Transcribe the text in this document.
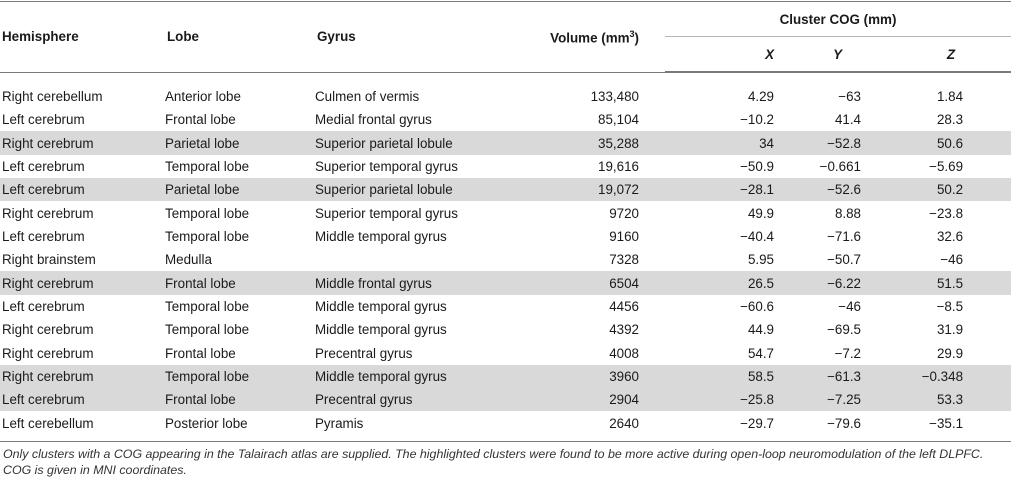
Hemisphere	Lobe	Gyrus	Volume $(mm^3)$	Cluster COG (mm)		
				X	Y	Z

Right cerebellum	Anterior lobe	Culmen of vermis	133,480	4.29	−63	1.84
Left cerebrum	Frontal lobe	Medial frontal gyrus	85,104	−10.2	41.4	28.3
Right cerebrum	Parietal lobe	Superior parietal lobule	35,288	34	−52.8	50.6
Left cerebrum	Temporal lobe	Superior temporal gyrus	19,616	−50.9	−0.661	−5.69
Left cerebrum	Parietal lobe	Superior parietal lobule	19,072	−28.1	−52.6	50.2
Right cerebrum	Temporal lobe	Superior temporal gyrus	9720	49.9	8.88	−23.8
Left cerebrum	Temporal lobe	Middle temporal gyrus	9160	−40.4	−71.6	32.6
Right brainstem	Medulla		7328	5.95	−50.7	−46
Right cerebrum	Frontal lobe	Middle frontal gyrus	6504	26.5	−6.22	51.5
Left cerebrum	Temporal lobe	Middle temporal gyrus	4456	−60.6	−46	−8.5
Right cerebrum	Temporal lobe	Middle temporal gyrus	4392	44.9	−69.5	31.9
Right cerebrum	Frontal lobe	Precentral gyrus	4008	54.7	−7.2	29.9
Right cerebrum	Temporal lobe	Middle temporal gyrus	3960	58.5	−61.3	−0.348
Left cerebrum	Frontal lobe	Precentral gyrus	2904	−25.8	−7.25	53.3
Left cerebellum	Posterior lobe	Pyramis	2640	−29.7	−79.6	−35.1
Only clusters with a COG appearing in the Talairach atlas are supplied. The highlighted clusters were found to be more active during open-loop neuromodulation of the left DLPFC. COG is given in MNI coordinates.
